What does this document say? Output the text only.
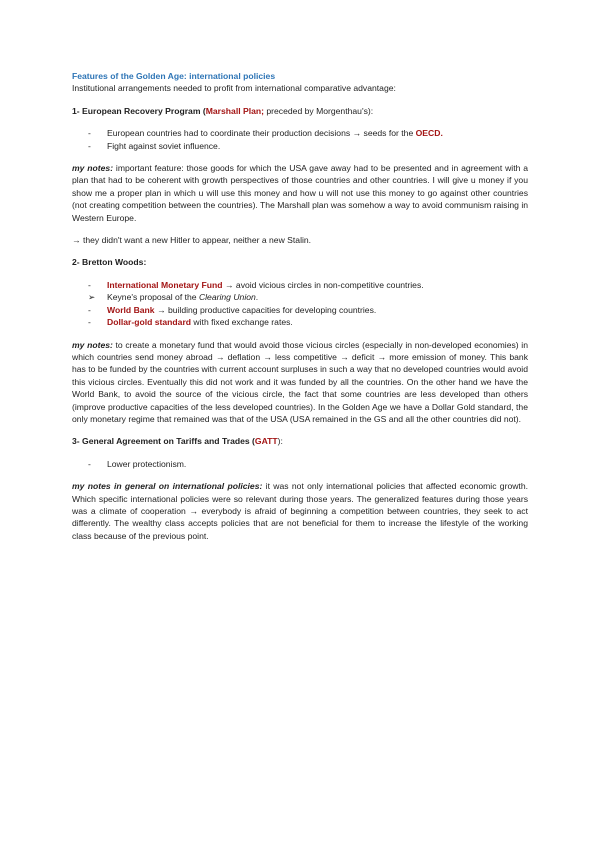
Features of the Golden Age: international policies
Institutional arrangements needed to profit from international comparative advantage:
1- European Recovery Program (Marshall Plan; preceded by Morgenthau's):
- European countries had to coordinate their production decisions → seeds for the OECD.
- Fight against soviet influence.

my notes: important feature: those goods for which the USA gave away had to be presented and in agreement with a plan that had to be coherent with growth perspectives of those countries and other countries. I will give u money if you show me a proper plan in which u will use this money and how u will not use this money to go against other countries (not creating competition between the countries). The Marshall plan was somehow a way to avoid communism raising in Western Europe.

→ they didn't want a new Hitler to appear, neither a new Stalin.

2- Bretton Woods:
- International Monetary Fund → avoid vicious circles in non-competitive countries.
➢ Keyne's proposal of the Clearing Union.
- World Bank → building productive capacities for developing countries.
- Dollar-gold standard with fixed exchange rates.

my notes: to create a monetary fund that would avoid those vicious circles (especially in non-developed economies) in which countries send money abroad → deflation → less competitive → deficit → more emission of money. This bank has to be funded by the countries with current account surpluses in such a way that no developed countries would avoid this vicious circles. Eventually this did not work and it was funded by all the countries. On the other hand we have the World Bank, to avoid the source of the vicious circle, the fact that some countries are less developed than others (improve productive capacities of the less developed countries). In the Golden Age we have a Dollar Gold standard, the only monetary regime that remained was that of the USA (USA remained in the GS and all the other countries did not).

3- General Agreement on Tariffs and Trades (GATT):
- Lower protectionism.

my notes in general on international policies: it was not only international policies that affected economic growth. Which specific international policies were so relevant during those years. The generalized features during those years was a climate of cooperation → everybody is afraid of beginning a competition between countries, they seek to act differently. The wealthy class accepts policies that are not beneficial for them to increase the lifestyle of the working class because of the previous point.
